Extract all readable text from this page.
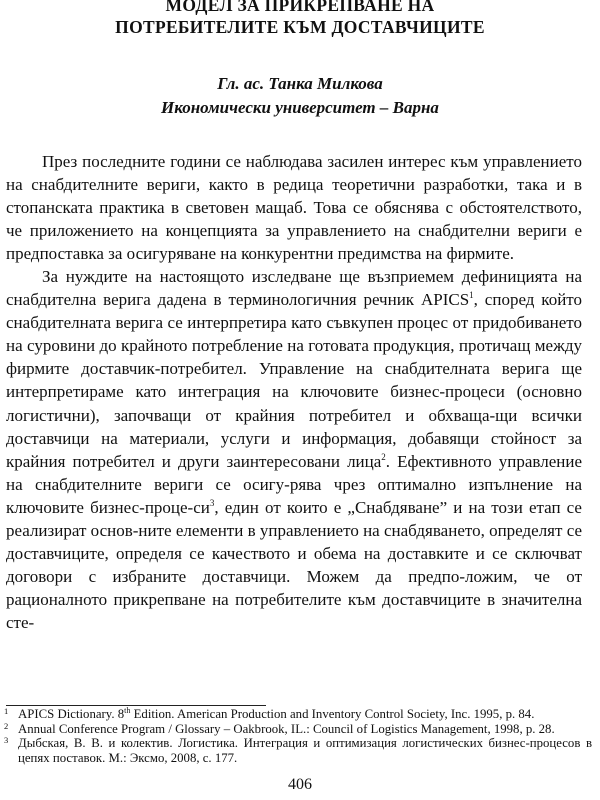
МОДЕЛ ЗА ПРИКРЕПВАНЕ НА
ПОТРЕБИТЕЛИТЕ КЪМ ДОСТАВЧИЦИТЕ
Гл. ас. Танка Милкова
Икономически университет – Варна

През последните години се наблюдава засилен интерес към управлението на снабдителните вериги, както в редица теоретични разработки, така и в стопанската практика в световен мащаб. Това се обяснява с обстоятелството, че приложението на концепцията за управлението на снабдителни вериги е предпоставка за осигуряване на конкурентни предимства на фирмите.

За нуждите на настоящото изследване ще възприемем дефиницията на снабдителна верига дадена в терминологичния речник APICS$^1$, според който снабдителната верига се интерпретира като съвкупен процес от придобиването на суровини до крайното потребление на готовата продукция, протичащ между фирмите доставчик-потребител. Управление на снабдителната верига ще интерпретираме като интеграция на ключовите бизнес-процеси (основно логистични), започващи от крайния потребител и обхваща-щи всички доставчици на материали, услуги и информация, добавящи стойност за крайния потребител и други заинтересовани лица$^2$. Ефективното управление на снабдителните вериги се осигу-рява чрез оптимално изпълнение на ключовите бизнес-$проце-си^3$, един от които е „Снабдяване” и на този етап се реализират основ-ните елементи в управлението на снабдяването, определят се доставчиците, определя се качеството и обема на доставките и се сключват договори с избраните доставчици. Можем да предпо-ложим, че от рационалното прикрепване на потребителите към доставчиците в значителна сте-

1 APICS Dictionary. 8th Edition. American Production and Inventory Control Society, Inc. 1995, p. 84.

2 Annual Conference Program / Glossary – Oakbrook, IL.: Council of Logistics Management, 1998, p. 28.

3 Дыбская, В. В. и колектив. Логистика. Интеграция и оптимизация логистических бизнес-процесов в цепях поставок. М.: Эксмо, 2008, с. 177.

406
